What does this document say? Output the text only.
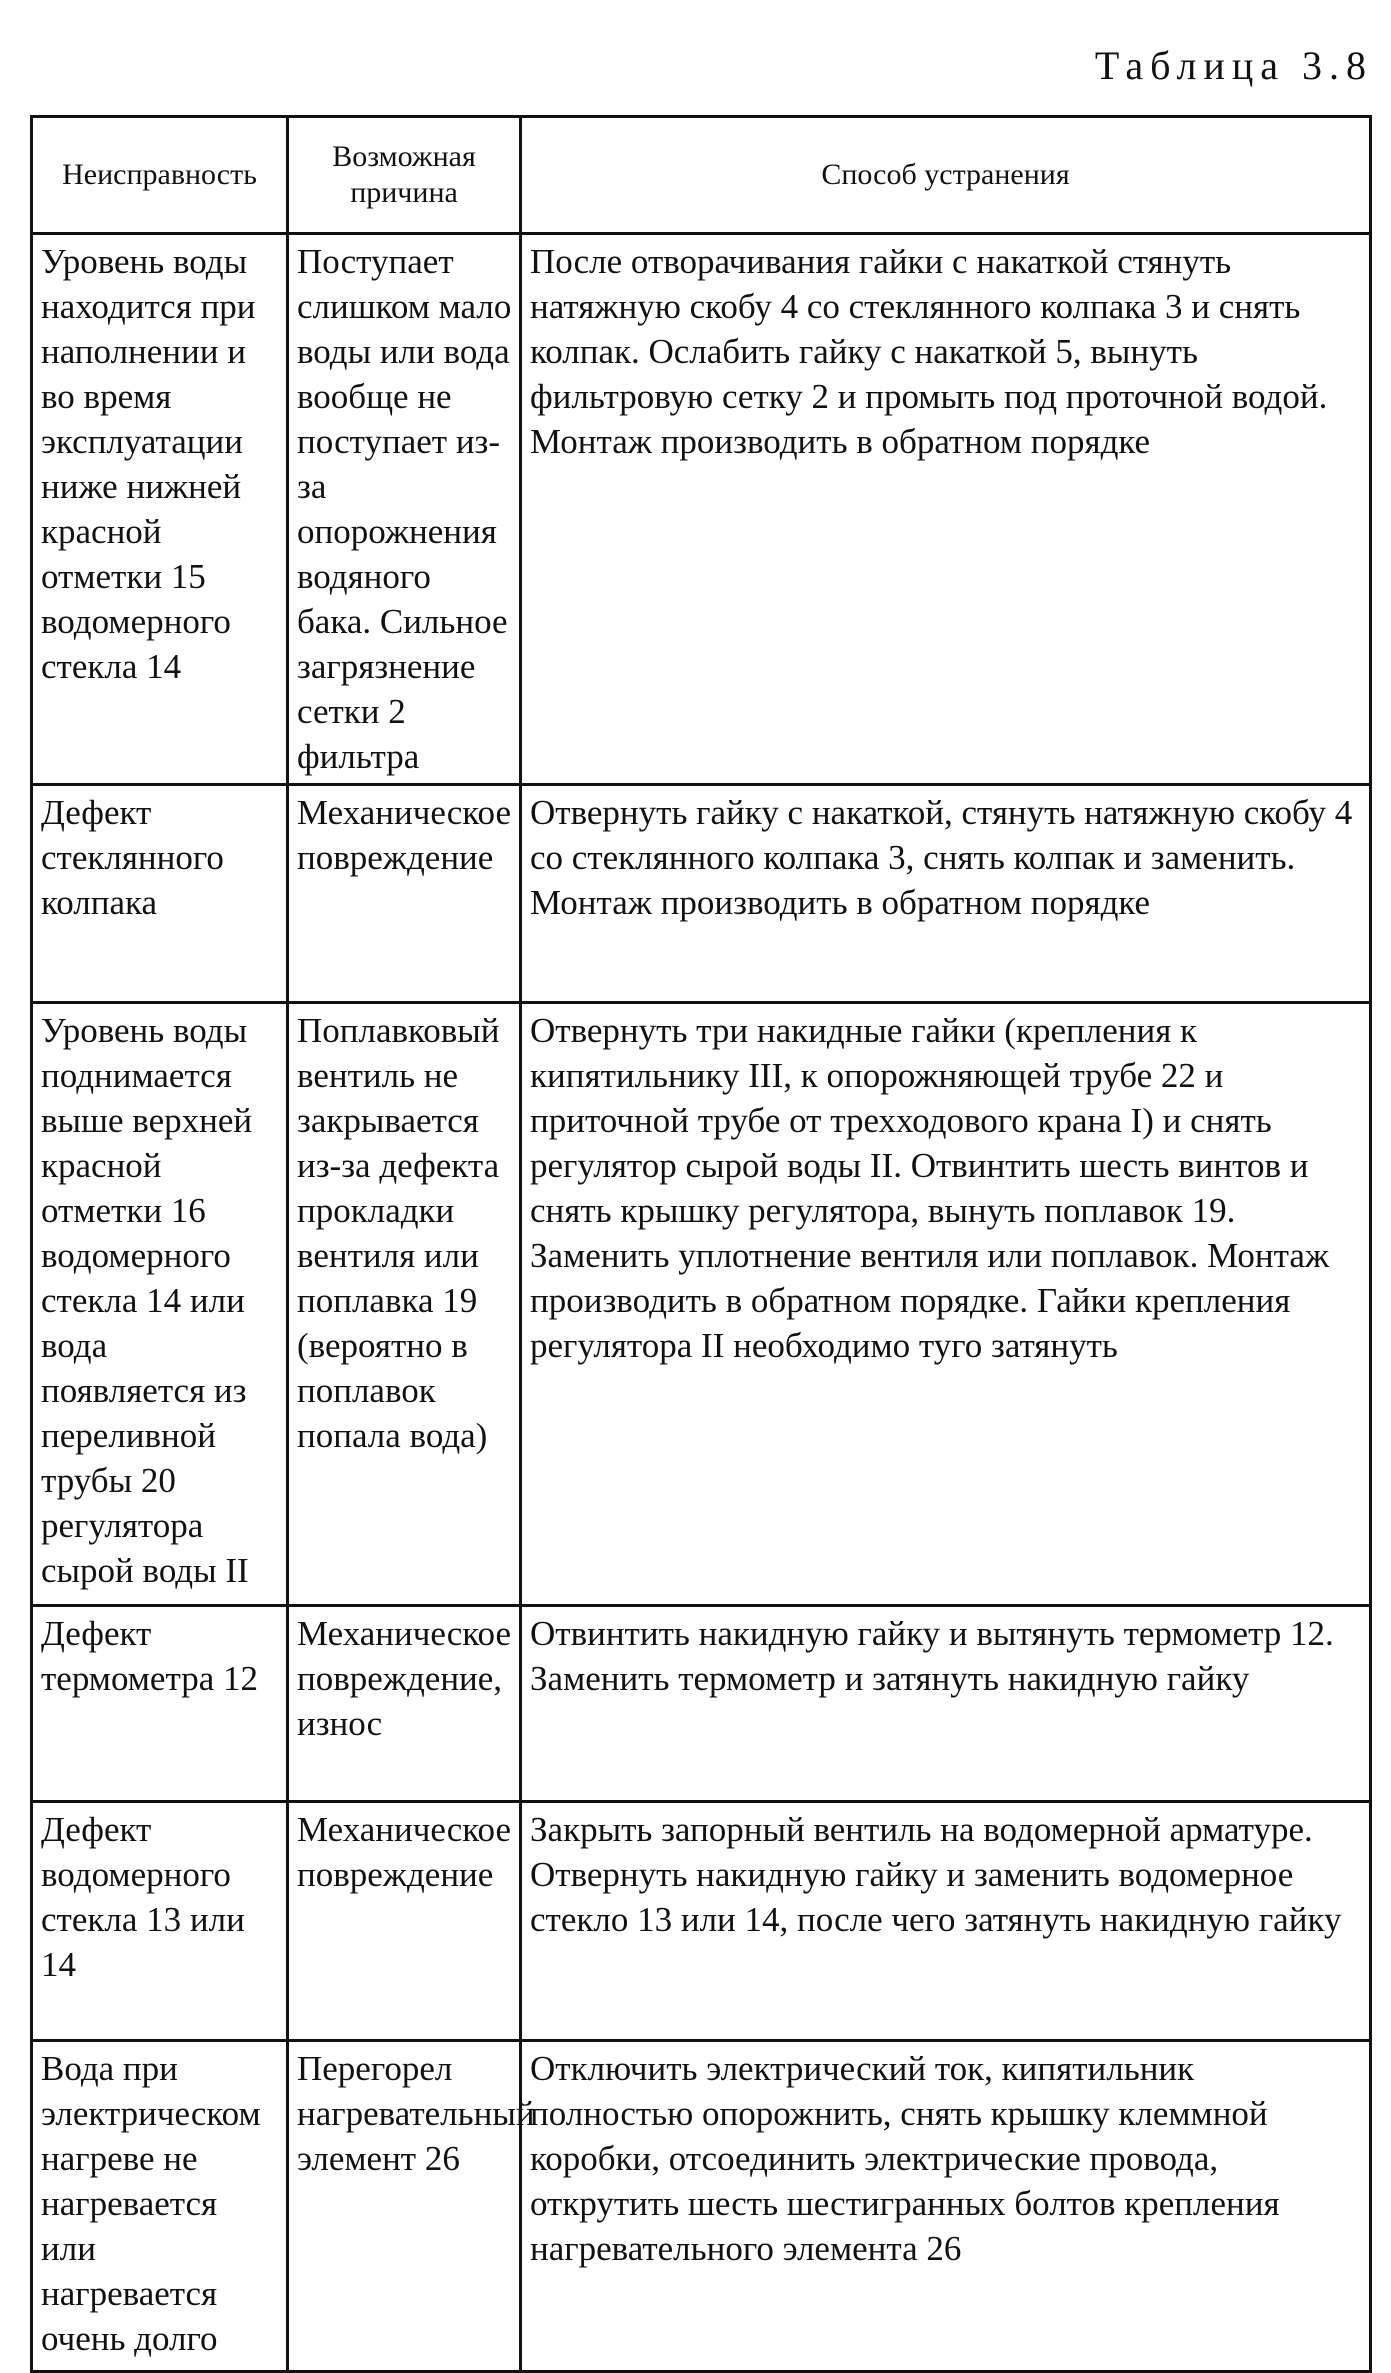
Таблица 3.8
Неисправность	Возможная причина	Способ устранения
Уровень воды находится при наполнении и во время эксплуатации ниже нижней красной отметки 15 водомерного стекла 14	Поступает слишком мало воды или вода вообще не поступает из-за опорожнения водяного бака. Сильное загрязнение сетки 2 фильтра	После отворачивания гайки с накаткой стянуть натяжную скобу 4 со стеклянного колпака 3 и снять колпак. Ослабить гайку с накаткой 5, вынуть фильтровую сетку 2 и промыть под проточной водой. Монтаж производить в обратном порядке
Дефект стеклянного колпака	Механическое повреждение	Отвернуть гайку с накаткой, стянуть натяжную скобу 4 со стеклянного колпака 3, снять колпак и заменить. Монтаж производить в обратном порядке
Уровень воды поднимается выше верхней красной отметки 16 водомерного стекла 14 или вода появляется из переливной трубы 20 регулятора сырой воды II	Поплавковый вентиль не закрывается из-за дефекта прокладки вентиля или поплавка 19 (вероятно в поплавок попала вода)	Отвернуть три накидные гайки (крепления к кипятильнику III, к опорожняющей трубе 22 и приточной трубе от трехходового крана I) и снять регулятор сырой воды II. Отвинтить шесть винтов и снять крышку регулятора, вынуть поплавок 19. Заменить уплотнение вентиля или поплавок. Монтаж производить в обратном порядке. Гайки крепления регулятора II необходимо туго затянуть
Дефект термометра 12	Механическое повреждение, износ	Отвинтить накидную гайку и вытянуть термометр 12. Заменить термометр и затянуть накидную гайку
Дефект водомерного стекла 13 или 14	Механическое повреждение	Закрыть запорный вентиль на водомерной арматуре. Отвернуть накидную гайку и заменить водомерное стекло 13 или 14, после чего затянуть накидную гайку
Вода при электрическом нагреве не нагревается или нагревается очень долго	Перегорел нагревательный элемент 26	Отключить электрический ток, кипятильник полностью опорожнить, снять крышку клеммной коробки, отсоединить электрические провода, открутить шесть шестигранных болтов крепления нагревательного элемента 26
